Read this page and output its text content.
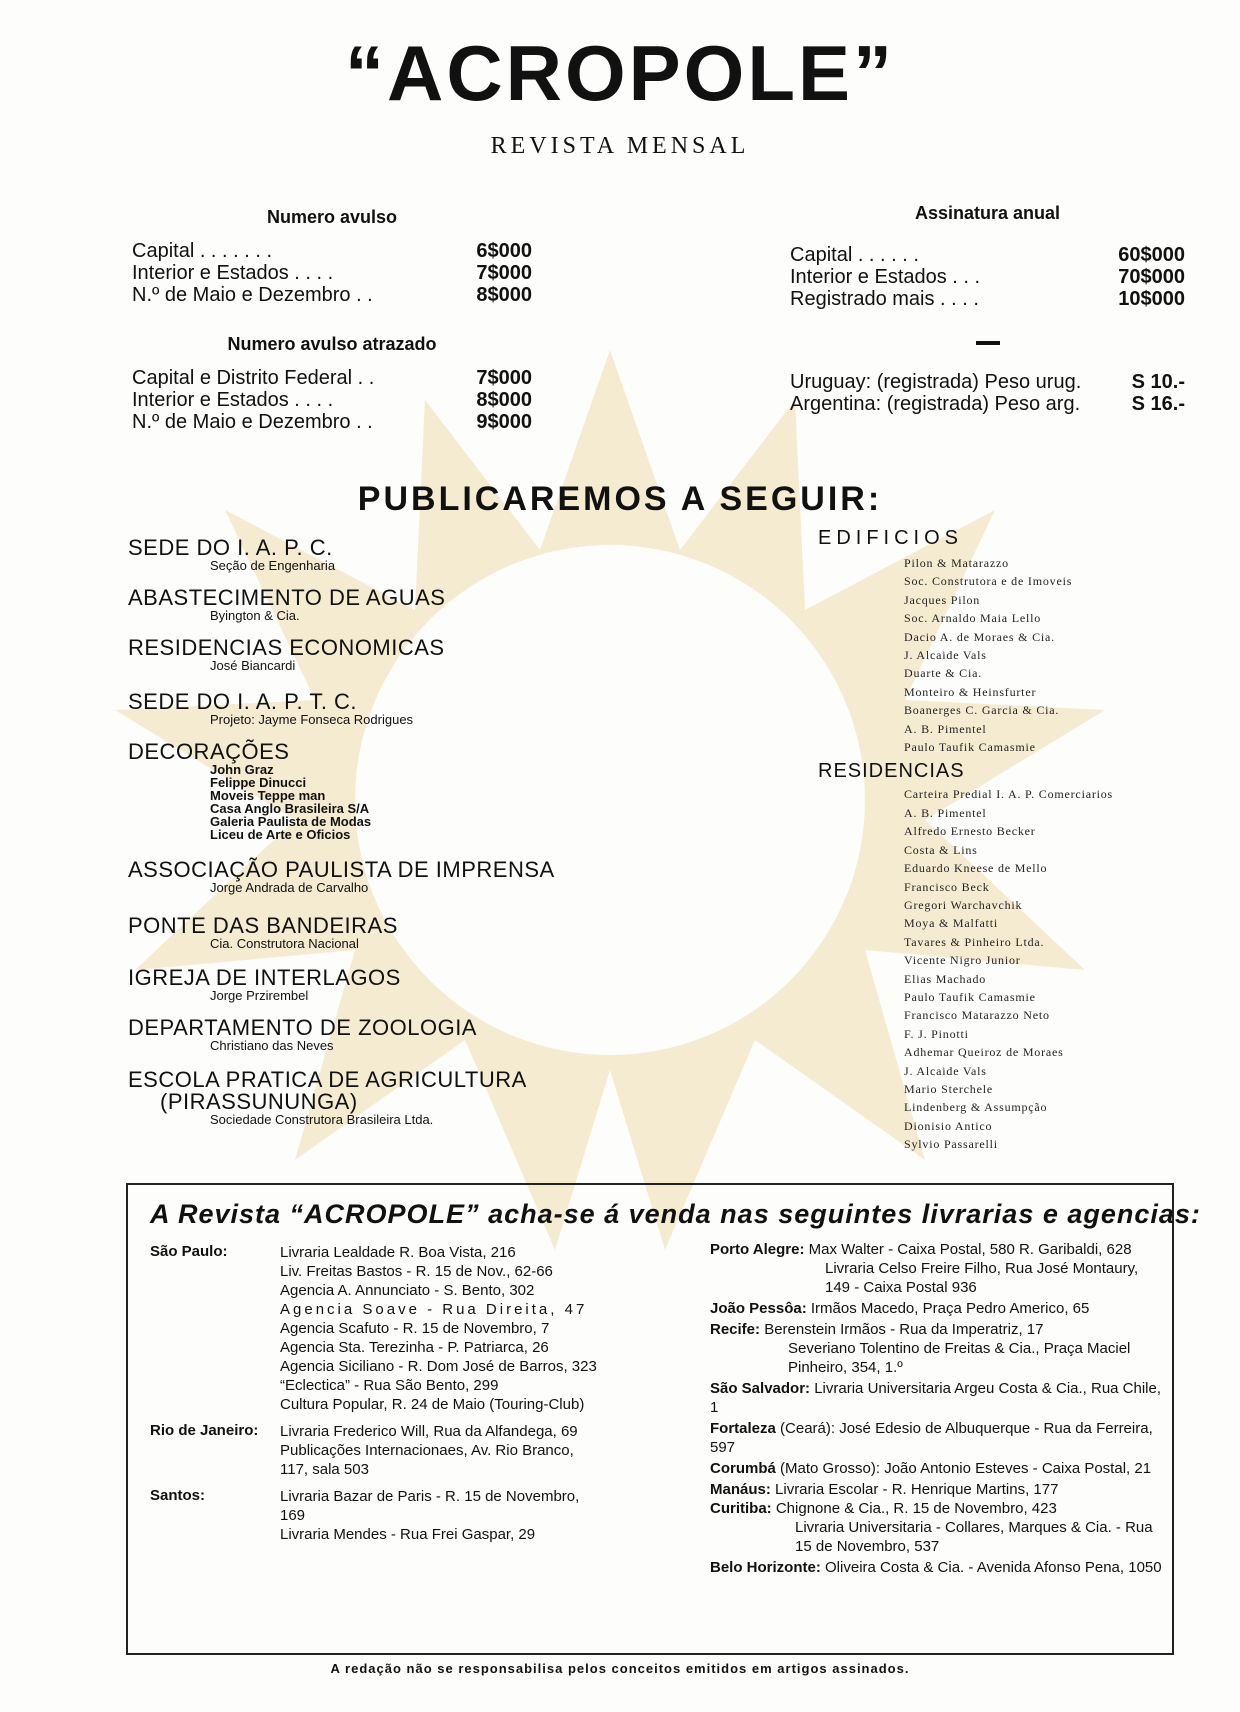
“ACROPOLE”
REVISTA MENSAL
Numero avulso
Capital . . . . . . .	6$000
Interior e Estados . . . .	7$000
N.º de Maio e Dezembro . .	8$000
Numero avulso atrazado
Capital e Distrito Federal . .	7$000
Interior e Estados . . . .	8$000
N.º de Maio e Dezembro . .	9$000
Assinatura anual
Capital . . . . . .	60$000
Interior e Estados . . .	70$000
Registrado mais . . . .	10$000
Uruguay: (registrada) Peso urug.	S 10.-
Argentina: (registrada) Peso arg.	S 16.-
PUBLICAREMOS A SEGUIR:
SEDE DO I. A. P. C.
Seção de Engenharia
ABASTECIMENTO DE AGUAS
Byington & Cia.
RESIDENCIAS ECONOMICAS
José Biancardi
SEDE DO I. A. P. T. C.
Projeto: Jayme Fonseca Rodrigues
DECORAÇÕES
John Graz
Felippe Dinucci
Moveis Teppe man
Casa Anglo Brasileira S/A
Galeria Paulista de Modas
Liceu de Arte e Oficios
ASSOCIAÇÃO PAULISTA DE IMPRENSA
Jorge Andrada de Carvalho
PONTE DAS BANDEIRAS
Cia. Construtora Nacional
IGREJA DE INTERLAGOS
Jorge Przirembel
DEPARTAMENTO DE ZOOLOGIA
Christiano das Neves
ESCOLA PRATICA DE AGRICULTURA
(PIRASSUNUNGA)
Sociedade Construtora Brasileira Ltda.
EDIFICIOS
Pilon & Matarazzo
Soc. Construtora e de Imoveis
Jacques Pilon
Soc. Arnaldo Maia Lello
Dacio A. de Moraes & Cia.
J. Alcaide Vals
Duarte & Cia.
Monteiro & Heinsfurter
Boanerges C. Garcia & Cia.
A. B. Pimentel
Paulo Taufik Camasmie
RESIDENCIAS
Carteira Predial I. A. P. Comerciarios
A. B. Pimentel
Alfredo Ernesto Becker
Costa & Lins
Eduardo Kneese de Mello
Francisco Beck
Gregori Warchavchik
Moya & Malfatti
Tavares & Pinheiro Ltda.
Vicente Nigro Junior
Elias Machado
Paulo Taufik Camasmie
Francisco Matarazzo Neto
F. J. Pinotti
Adhemar Queiroz de Moraes
J. Alcaide Vals
Mario Sterchele
Lindenberg & Assumpção
Dionisio Antico
Sylvio Passarelli
A Revista “ACROPOLE” acha-se á venda nas seguintes livrarias e agencias:
São Paulo:	Livraria Lealdade R. Boa Vista, 216
Liv. Freitas Bastos - R. 15 de Nov., 62-66
Agencia A. Annunciato - S. Bento, 302
Agencia Soave - Rua Direita, 47
Agencia Scafuto - R. 15 de Novembro, 7
Agencia Sta. Terezinha - P. Patriarca, 26
Agencia Siciliano - R. Dom José de Barros, 323
“Eclectica” - Rua São Bento, 299
Cultura Popular, R. 24 de Maio (Touring-Club)
Rio de Janeiro:	Livraria Frederico Will, Rua da Alfandega, 69
Publicações Internacionaes, Av. Rio Branco, 117, sala 503
Santos:	Livraria Bazar de Paris - R. 15 de Novembro, 169
Livraria Mendes - Rua Frei Gaspar, 29
Porto Alegre: Max Walter - Caixa Postal, 580 R. Garibaldi, 628
Livraria Celso Freire Filho, Rua José Montaury, 149 - Caixa Postal 936
João Pessôa: Irmãos Macedo, Praça Pedro Americo, 65
Recife: Berenstein Irmãos - Rua da Imperatriz, 17
Severiano Tolentino de Freitas & Cia., Praça Maciel Pinheiro, 354, 1.º
São Salvador: Livraria Universitaria Argeu Costa & Cia., Rua Chile, 1
Fortaleza (Ceará): José Edesio de Albuquerque - Rua da Ferreira, 597
Corumbá (Mato Grosso): João Antonio Esteves - Caixa Postal, 21
Manáus: Livraria Escolar - R. Henrique Martins, 177
Curitiba: Chignone & Cia., R. 15 de Novembro, 423
Livraria Universitaria - Collares, Marques & Cia. - Rua 15 de Novembro, 537
Belo Horizonte: Oliveira Costa & Cia. - Avenida Afonso Pena, 1050
A redação não se responsabilisa pelos conceitos emitidos em artigos assinados.
